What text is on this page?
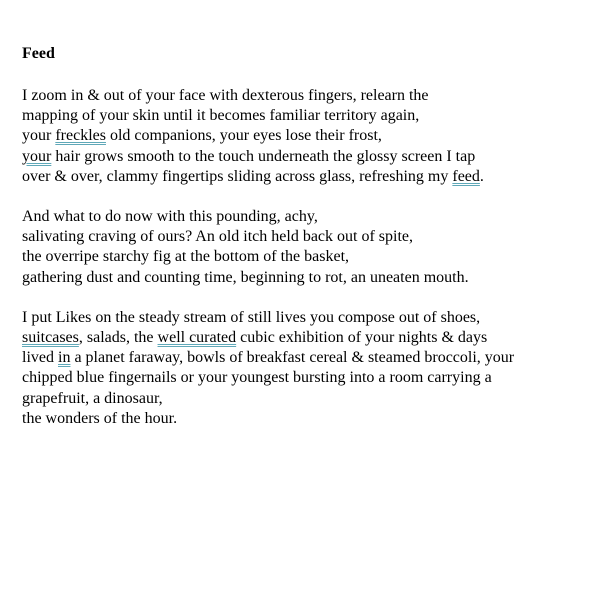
Feed
I zoom in & out of your face with dexterous fingers, relearn the
mapping of your skin until it becomes familiar territory again,
your freckles old companions, your eyes lose their frost,
your hair grows smooth to the touch underneath the glossy screen I tap
over & over, clammy fingertips sliding across glass, refreshing my feed.
And what to do now with this pounding, achy,
salivating craving of ours? An old itch held back out of spite,
the overripe starchy fig at the bottom of the basket,
gathering dust and counting time, beginning to rot, an uneaten mouth.
I put Likes on the steady stream of still lives you compose out of shoes,
suitcases, salads, the well curated cubic exhibition of your nights & days
lived in a planet faraway, bowls of breakfast cereal & steamed broccoli, your
chipped blue fingernails or your youngest bursting into a room carrying a
grapefruit, a dinosaur,
the wonders of the hour.
